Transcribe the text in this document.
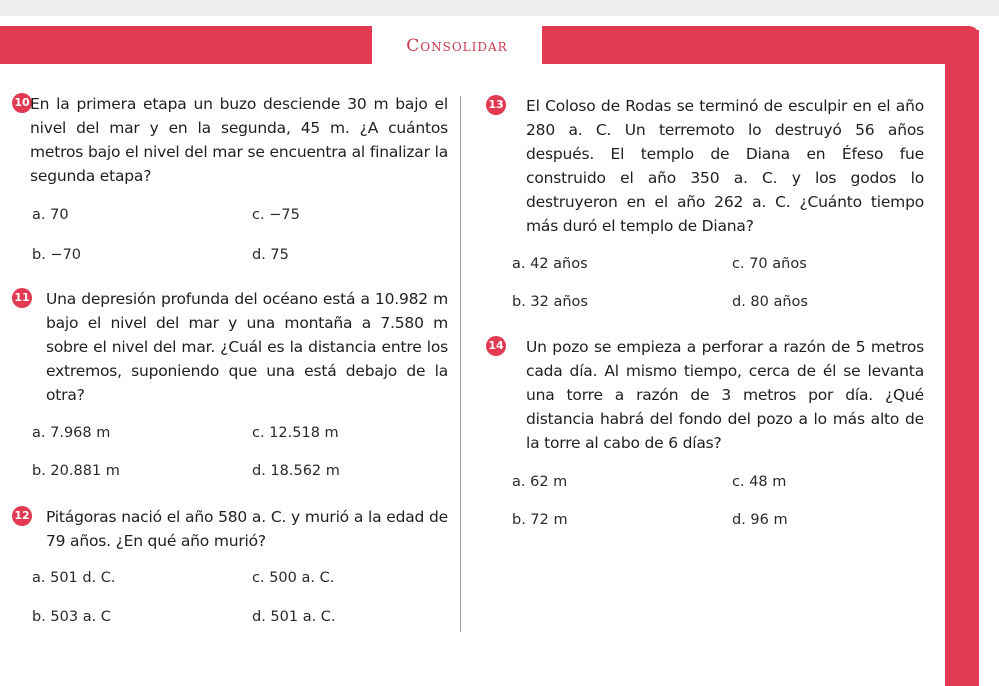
Consolidar
10 En la primera etapa un buzo desciende 30 m bajo el nivel del mar y en la segunda, 45 m. ¿A cuántos metros bajo el nivel del mar se encuentra al finalizar la segunda etapa?
a. 70	c. −75
b. −70	d. 75
11 Una depresión profunda del océano está a 10.982 m bajo el nivel del mar y una montaña a 7.580 m sobre el nivel del mar. ¿Cuál es la distancia entre los extremos, suponiendo que una está debajo de la otra?
a. 7.968 m	c. 12.518 m
b. 20.881 m	d. 18.562 m
12 Pitágoras nació el año 580 a. C. y murió a la edad de 79 años. ¿En qué año murió?
a. 501 d. C.	c. 500 a. C.
b. 503 a. C	d. 501 a. C.
13 El Coloso de Rodas se terminó de esculpir en el año 280 a. C. Un terremoto lo destruyó 56 años después. El templo de Diana en Éfeso fue construido el año 350 a. C. y los godos lo destruyeron en el año 262 a. C. ¿Cuánto tiempo más duró el templo de Diana?
a. 42 años	c. 70 años
b. 32 años	d. 80 años
14 Un pozo se empieza a perforar a razón de 5 metros cada día. Al mismo tiempo, cerca de él se levanta una torre a razón de 3 metros por día. ¿Qué distancia habrá del fondo del pozo a lo más alto de la torre al cabo de 6 días?
a. 62 m	c. 48 m
b. 72 m	d. 96 m
